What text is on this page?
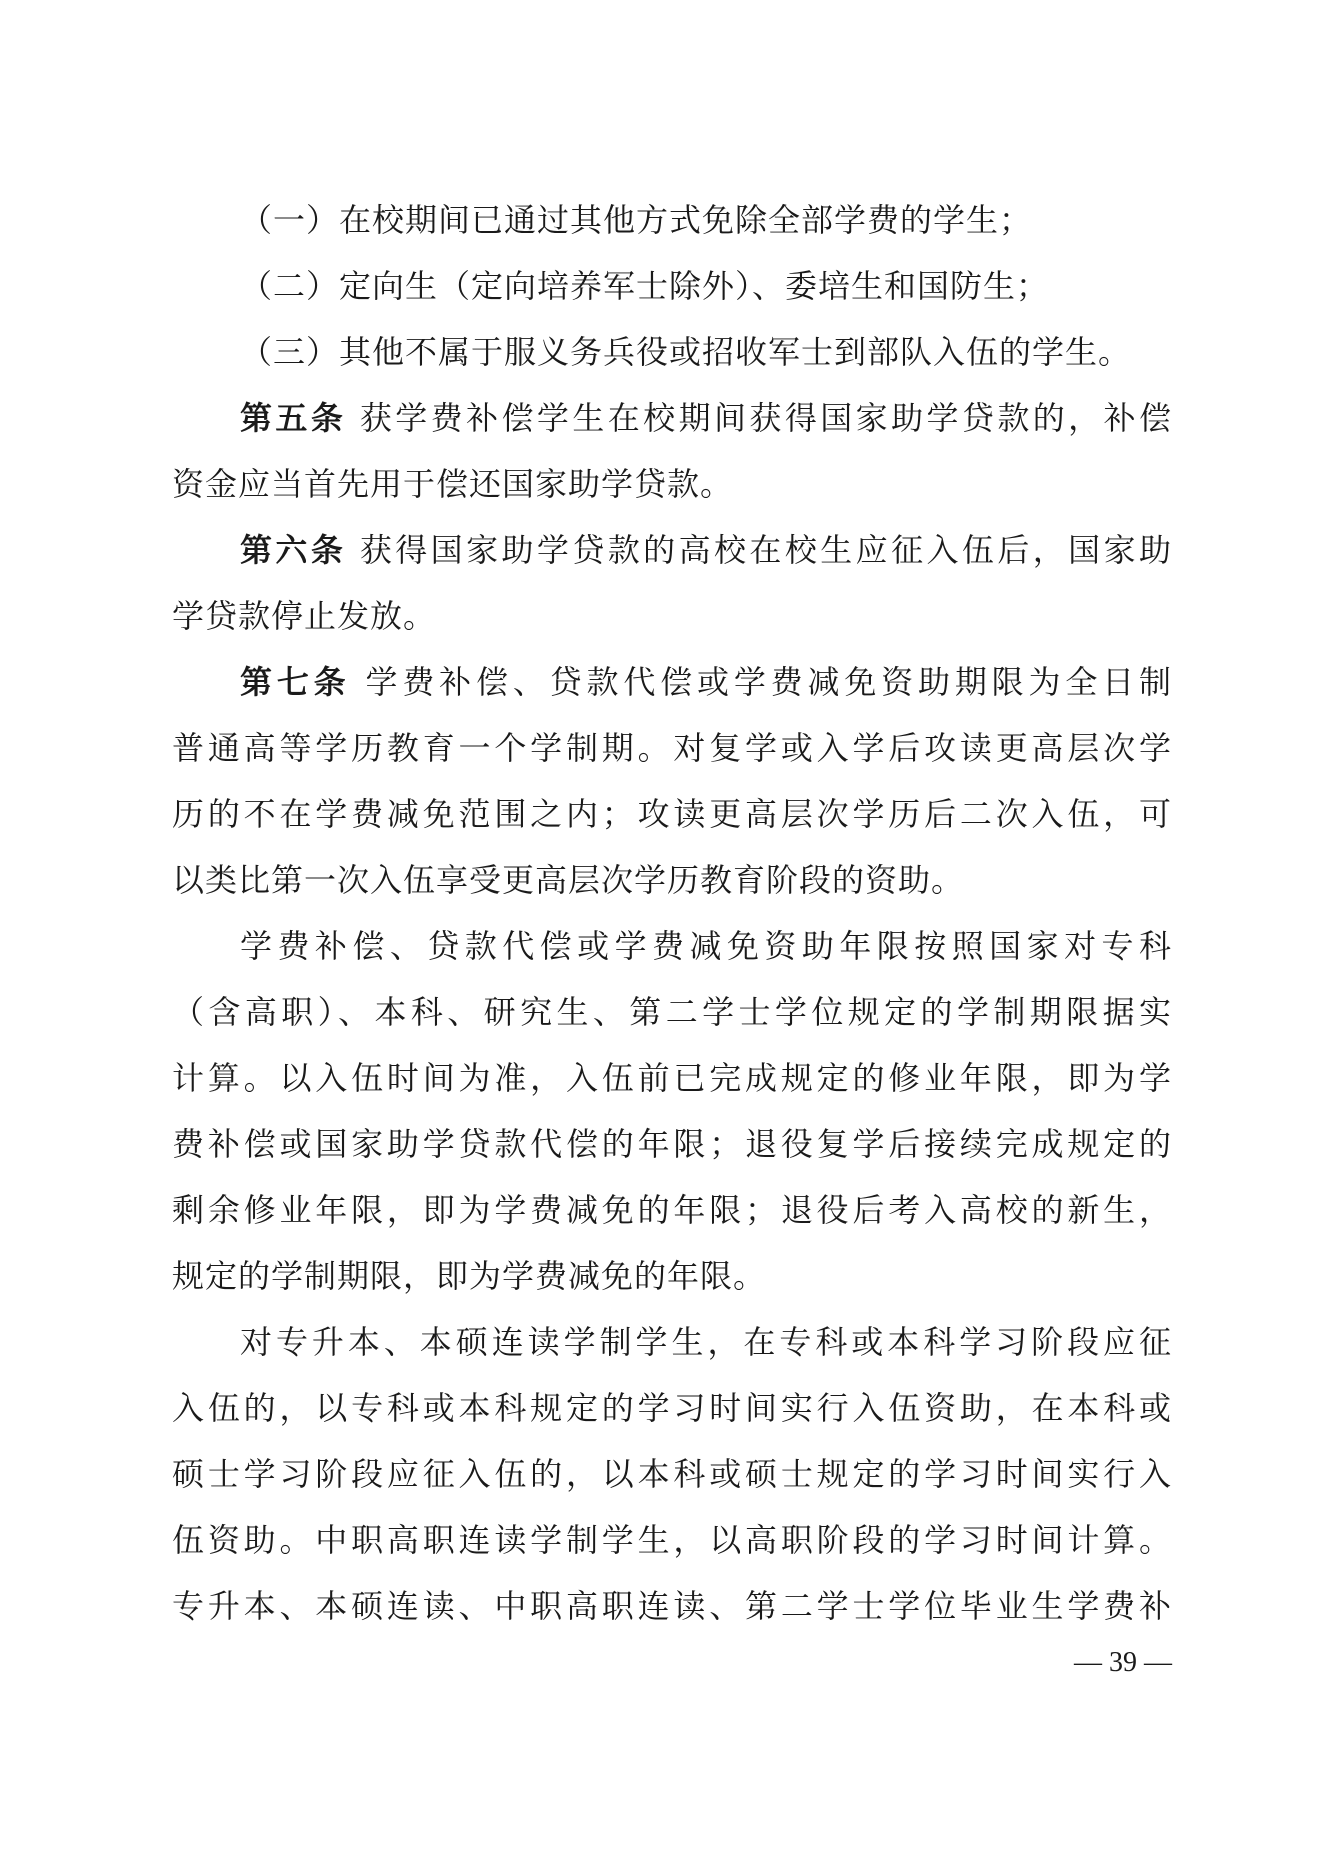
（一）在校期间已通过其他方式免除全部学费的学生；
（二）定向生（定向培养军士除外）、委培生和国防生；
（三）其他不属于服义务兵役或招收军士到部队入伍的学生。
第五条 获学费补偿学生在校期间获得国家助学贷款的，补偿
资金应当首先用于偿还国家助学贷款。
第六条 获得国家助学贷款的高校在校生应征入伍后，国家助
学贷款停止发放。
第七条 学费补偿、贷款代偿或学费减免资助期限为全日制
普通高等学历教育一个学制期。对复学或入学后攻读更高层次学
历的不在学费减免范围之内；攻读更高层次学历后二次入伍，可
以类比第一次入伍享受更高层次学历教育阶段的资助。
学费补偿、贷款代偿或学费减免资助年限按照国家对专科
（含高职）、本科、研究生、第二学士学位规定的学制期限据实
计算。以入伍时间为准，入伍前已完成规定的修业年限，即为学
费补偿或国家助学贷款代偿的年限；退役复学后接续完成规定的
剩余修业年限，即为学费减免的年限；退役后考入高校的新生，
规定的学制期限，即为学费减免的年限。
对专升本、本硕连读学制学生，在专科或本科学习阶段应征
入伍的，以专科或本科规定的学习时间实行入伍资助，在本科或
硕士学习阶段应征入伍的，以本科或硕士规定的学习时间实行入
伍资助。中职高职连读学制学生，以高职阶段的学习时间计算。
专升本、本硕连读、中职高职连读、第二学士学位毕业生学费补
— 39 —
